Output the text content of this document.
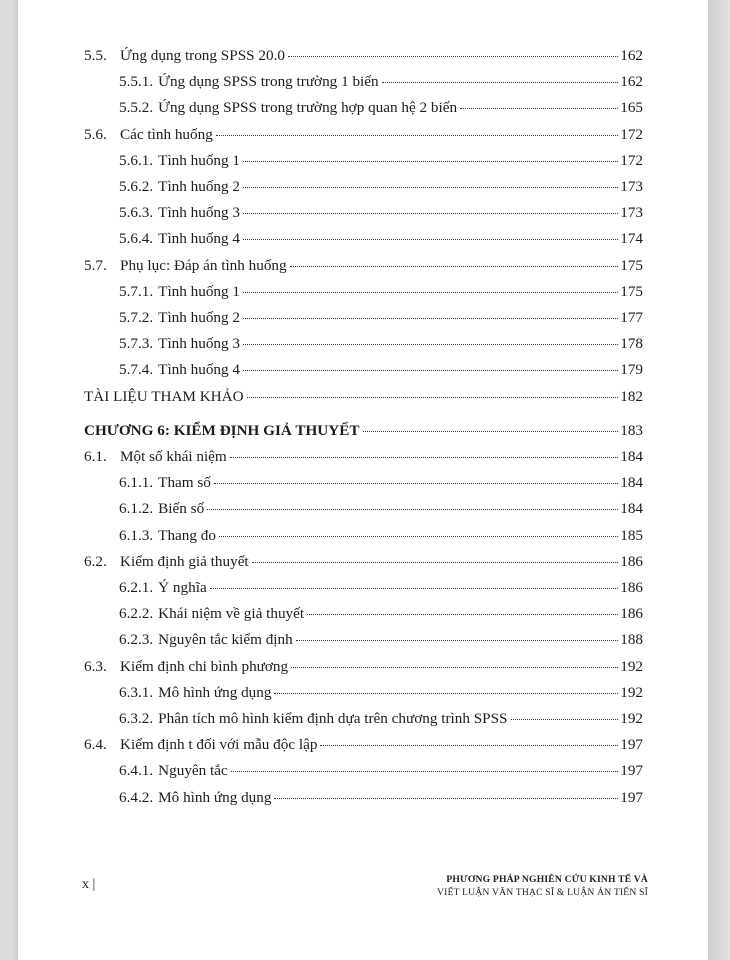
5.5. Ứng dụng trong SPSS 20.0	162
5.5.1. Ứng dụng SPSS trong trường 1 biến	162
5.5.2. Ứng dụng SPSS trong trường hợp quan hệ 2 biến	165
5.6. Các tình huống	172
5.6.1. Tình huống 1	172
5.6.2. Tình huống 2	173
5.6.3. Tình huống 3	173
5.6.4. Tình huống 4	174
5.7. Phụ lục: Đáp án tình huống	175
5.7.1. Tình huống 1	175
5.7.2. Tình huống 2	177
5.7.3. Tình huống 3	178
5.7.4. Tình huống 4	179
TÀI LIỆU THAM KHẢO	182
CHƯƠNG 6: KIỂM ĐỊNH GIẢ THUYẾT	183
6.1. Một số khái niệm	184
6.1.1. Tham số	184
6.1.2. Biến số	184
6.1.3. Thang đo	185
6.2. Kiểm định giả thuyết	186
6.2.1. Ý nghĩa	186
6.2.2. Khái niệm về giả thuyết	186
6.2.3. Nguyên tắc kiểm định	188
6.3. Kiểm định chi bình phương	192
6.3.1. Mô hình ứng dụng	192
6.3.2. Phân tích mô hình kiểm định dựa trên chương trình SPSS	192
6.4. Kiểm định t đối với mẫu độc lập	197
6.4.1. Nguyên tắc	197
6.4.2. Mô hình ứng dụng	197
x |	PHƯƠNG PHÁP NGHIÊN CỨU KINH TẾ VÀ
VIẾT LUẬN VĂN THẠC SĨ & LUẬN ÁN TIẾN SĨ
